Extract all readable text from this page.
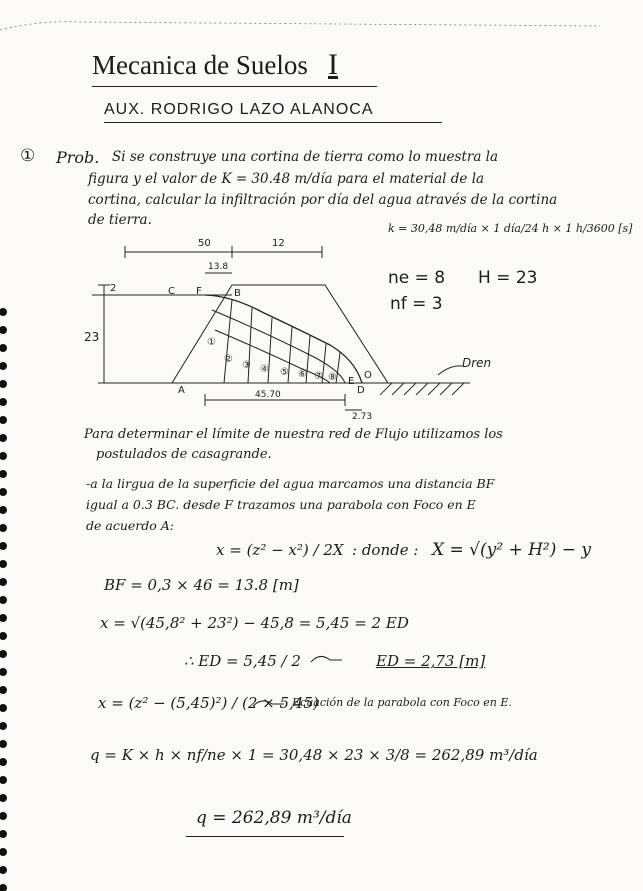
Mecanica de Suelos I
AUX. RODRIGO LAZO ALANOCA
① Prob. Si se construye una cortina de tierra como lo muestra la
figura y el valor de K = 30.48 m/día para el material de la
cortina, calcular la infiltración por día del agua através de la cortina
de tierra.
k = 30,48 m/día × 1 día/24 h × 1 h/3600 [s]
ne = 8
nf = 3
H = 23
50	12
13.8
23
2	C F	B
A
E
D
O
①
②
③ ④ ⑤ ⑥ ⑦ ⑧
45.70
2.73
Dren
Para determinar el límite de nuestra red de Flujo utilizamos los
postulados de casagrande.
-a la lirgua de la superficie del agua marcamos una distancia BF
igual a 0.3 BC. desde F trazamos una parabola con Foco en E
de acuerdo A:
x = (z² − x²) / 2X : donde : X = √(y² + H²) − y
BF = 0,3 × 46 = 13.8 [m]
x = √(45,8² + 23²) − 45,8 = 5,45 = 2 ED
∴ ED = 5,45 / 2	ED = 2,73 [m]
x = (z² − (5,45)²) / (2 × 5,45)
Ecuación de la parabola con Foco en E.
q = K × h × nf/ne × 1 = 30,48 × 23 × 3/8 = 262,89 m³/día
q = 262,89 m³/día
